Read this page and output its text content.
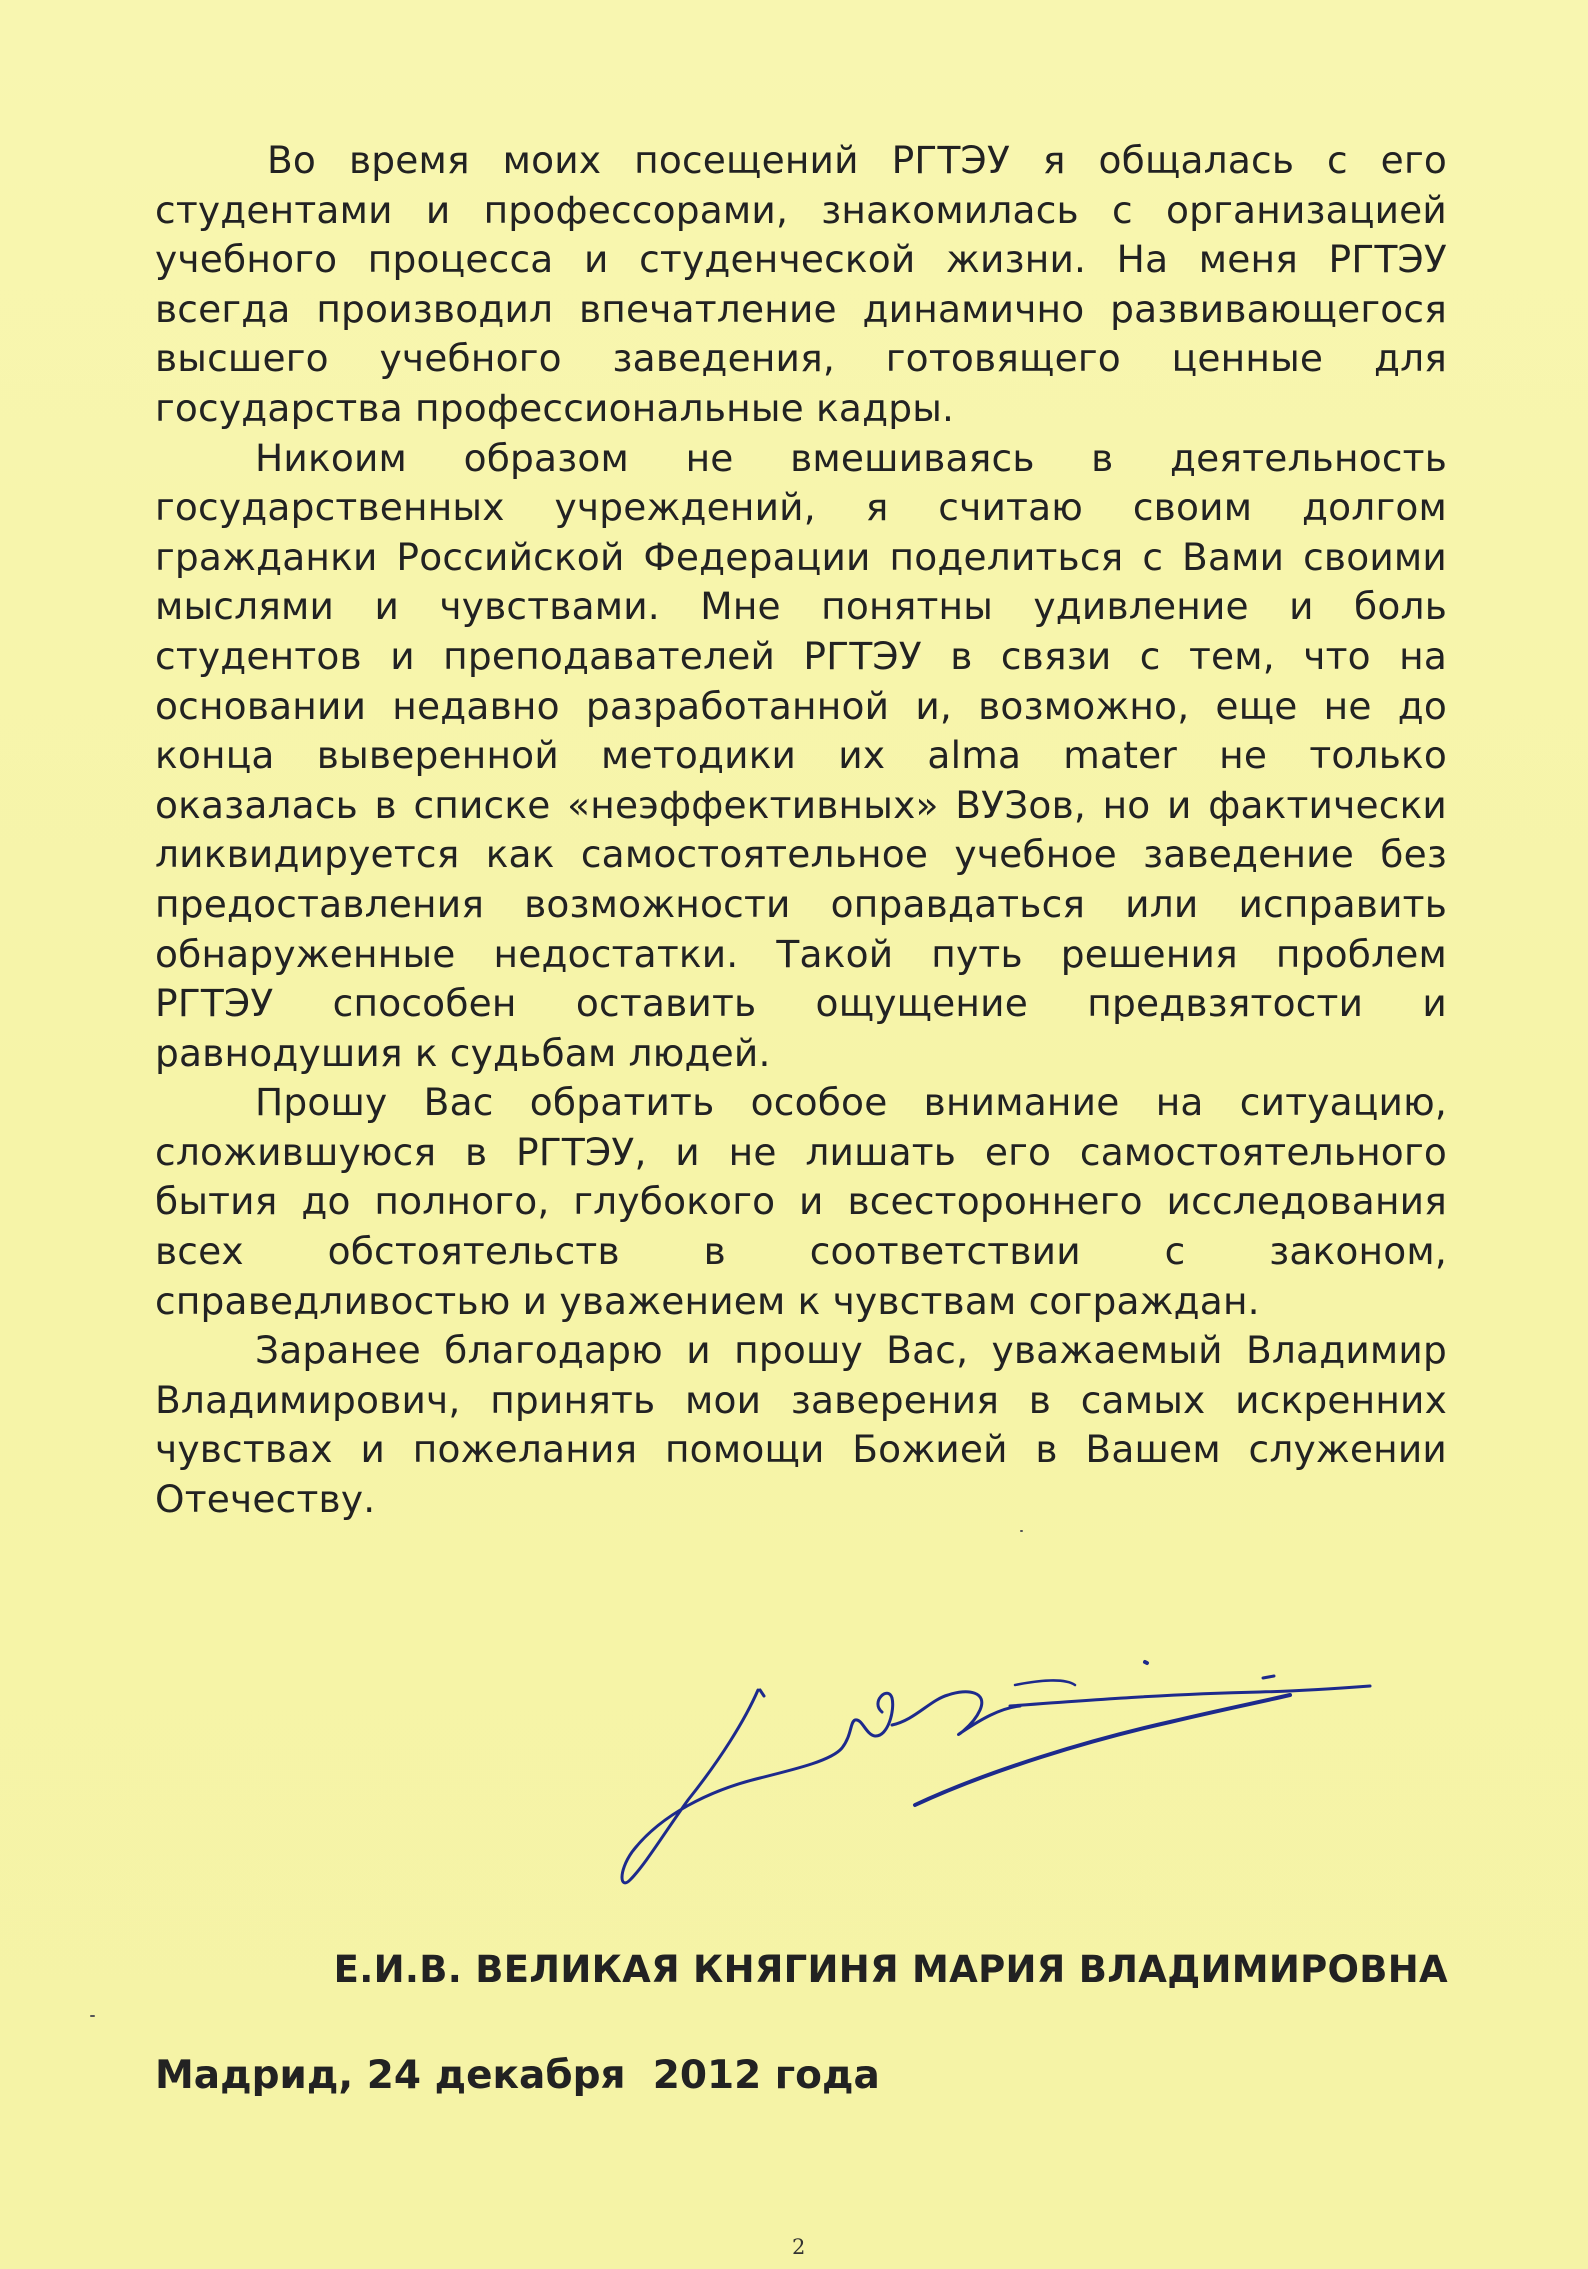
Во время моих посещений РГТЭУ я общалась с его студентами и профессорами, знакомилась с организацией учебного процесса и студенческой жизни. На меня РГТЭУ всегда производил впечатление динамично развивающегося высшего учебного заведения, готовящего ценные для государства профессиональные кадры.

Никоим образом не вмешиваясь в деятельность государственных учреждений, я считаю своим долгом гражданки Российской Федерации поделиться с Вами своими мыслями и чувствами. Мне понятны удивление и боль студентов и преподавателей РГТЭУ в связи с тем, что на основании недавно разработанной и, возможно, еще не до конца выверенной методики их alma mater не только оказалась в списке «неэффективных» ВУЗов, но и фактически ликвидируется как самостоятельное учебное заведение без предоставления возможности оправдаться или исправить обнаруженные недостатки. Такой путь решения проблем РГТЭУ способен оставить ощущение предвзятости и равнодушия к судьбам людей.

Прошу Вас обратить особое внимание на ситуацию, сложившуюся в РГТЭУ, и не лишать его самостоятельного бытия до полного, глубокого и всестороннего исследования всех обстоятельств в соответствии с законом, справедливостью и уважением к чувствам сограждан.

Заранее благодарю и прошу Вас, уважаемый Владимир Владимирович, принять мои заверения в самых искренних чувствах и пожелания помощи Божией в Вашем служении Отечеству.

Е.И.В. ВЕЛИКАЯ КНЯГИНЯ МАРИЯ ВЛАДИМИРОВНА
Мадрид, 24 декабря  2012 года
2
